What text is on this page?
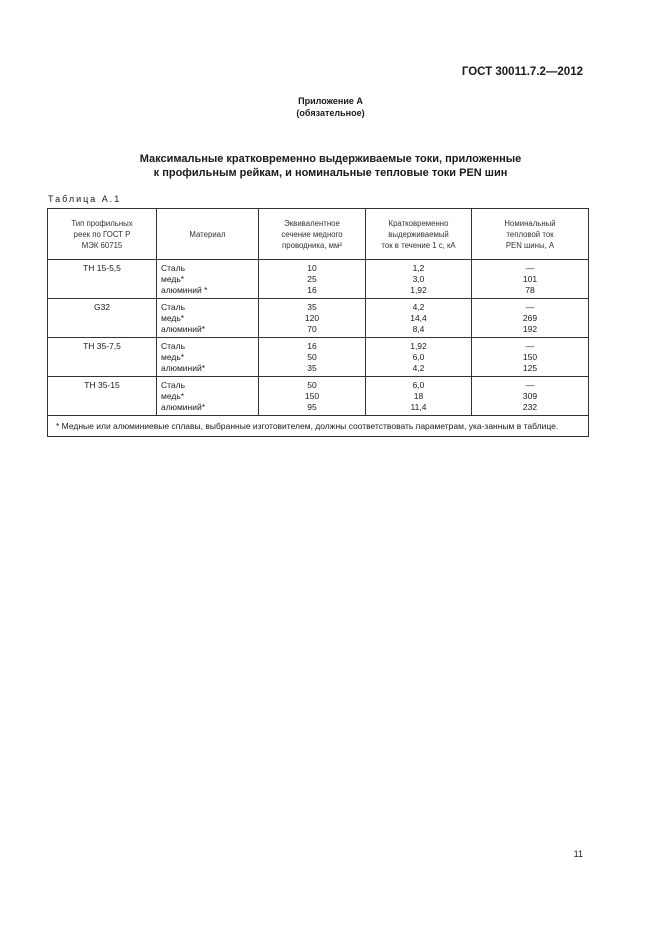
ГОСТ 30011.7.2—2012
Приложение А
(обязательное)
Максимальные кратковременно выдерживаемые токи, приложенные
к профильным рейкам, и номинальные тепловые токи PEN шин
Таблица А.1
Тип профильных
реек по ГОСТ Р
МЭК 60715	Материал	Эквивалентное
сечение медного
проводника, мм²	Кратковременно
выдерживаемый
ток в течение 1 с, кА	Номинальный
тепловой ток
PEN шины, А

ТН 15-5,5	Сталь
медь*
алюминий *	10
25
16	1,2
3,0
1,92	—
101
78

G32	Сталь
медь*
алюминий*	35
120
70	4,2
14,4
8,4	—
269
192

ТН 35-7,5	Сталь
медь*
алюминий*	16
50
35	1,92
6,0
4,2	—
150
125

ТН 35-15	Сталь
медь*
алюминий*	50
150
95	6,0
18
11,4	—
309
232

* Медные или алюминиевые сплавы, выбранные изготовителем, должны соответствовать параметрам, ука-занным в таблице.				
11
